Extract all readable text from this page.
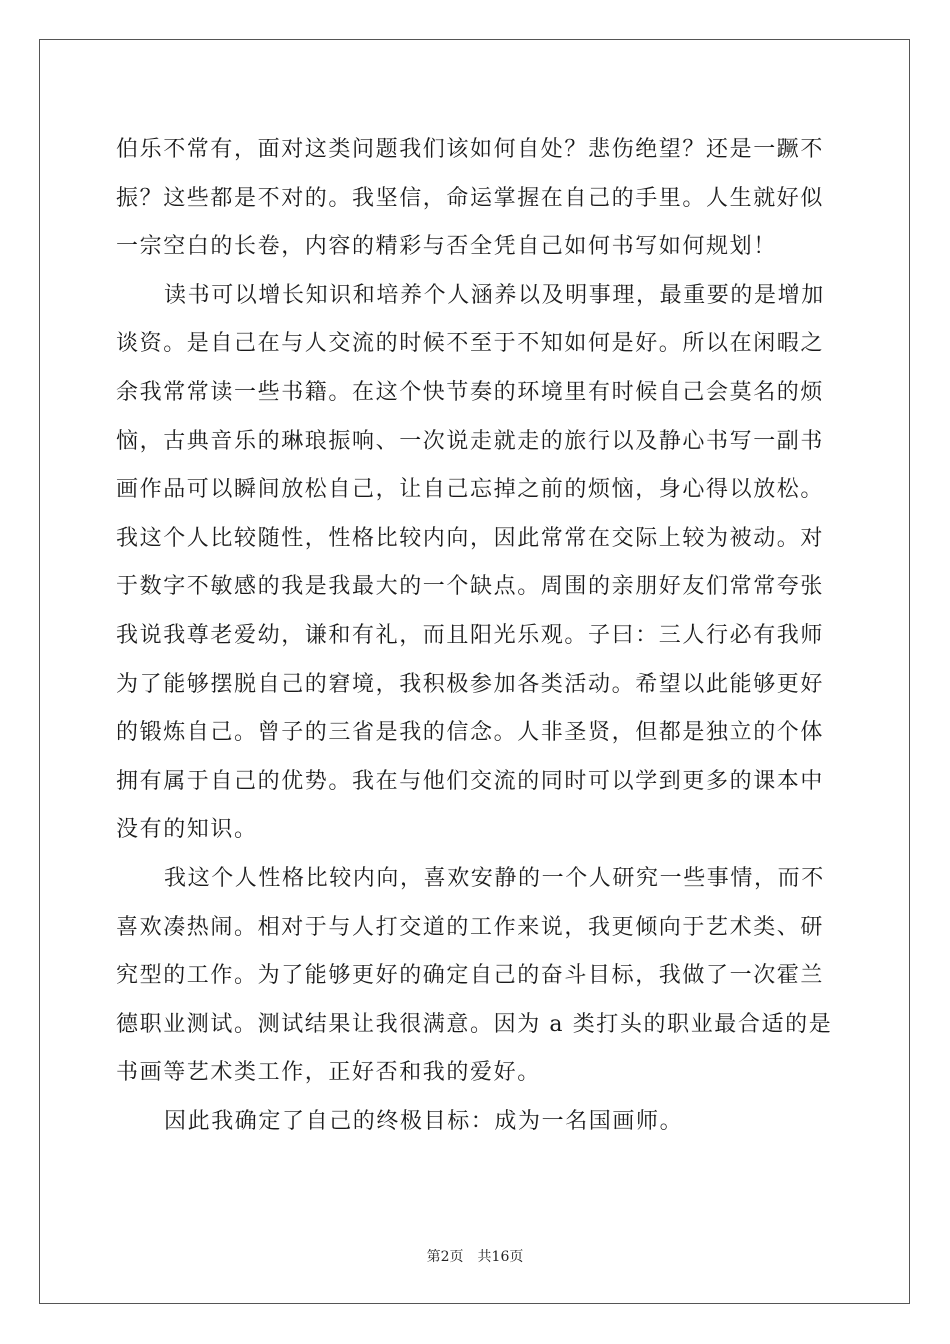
伯乐不常有，面对这类问题我们该如何自处？悲伤绝望？还是一蹶不
振？这些都是不对的。我坚信，命运掌握在自己的手里。人生就好似
一宗空白的长卷，内容的精彩与否全凭自己如何书写如何规划！
读书可以增长知识和培养个人涵养以及明事理，最重要的是增加
谈资。是自己在与人交流的时候不至于不知如何是好。所以在闲暇之
余我常常读一些书籍。在这个快节奏的环境里有时候自己会莫名的烦
恼，古典音乐的琳琅振响、一次说走就走的旅行以及静心书写一副书
画作品可以瞬间放松自己，让自己忘掉之前的烦恼，身心得以放松。
我这个人比较随性，性格比较内向，因此常常在交际上较为被动。对
于数字不敏感的我是我最大的一个缺点。周围的亲朋好友们常常夸张
我说我尊老爱幼，谦和有礼，而且阳光乐观。子曰：三人行必有我师
为了能够摆脱自己的窘境，我积极参加各类活动。希望以此能够更好
的锻炼自己。曾子的三省是我的信念。人非圣贤，但都是独立的个体
拥有属于自己的优势。我在与他们交流的同时可以学到更多的课本中
没有的知识。
我这个人性格比较内向，喜欢安静的一个人研究一些事情，而不
喜欢凑热闹。相对于与人打交道的工作来说，我更倾向于艺术类、研
究型的工作。为了能够更好的确定自己的奋斗目标，我做了一次霍兰
德职业测试。测试结果让我很满意。因为 a 类打头的职业最合适的是
书画等艺术类工作，正好否和我的爱好。
因此我确定了自己的终极目标：成为一名国画师。
第2页 共16页
